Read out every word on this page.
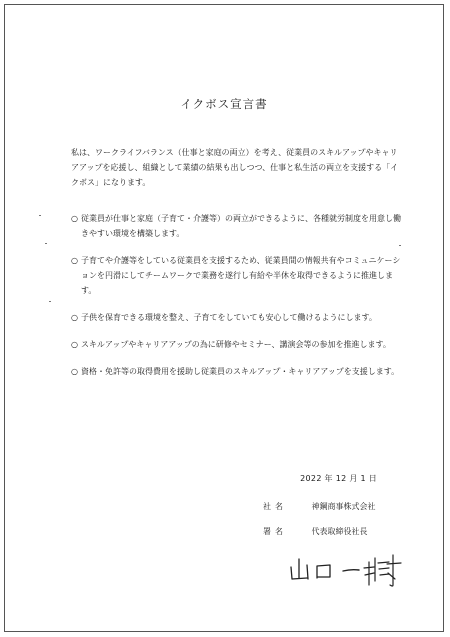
イクボス宣言書
私は、ワークライフバランス（仕事と家庭の両立）を考え、従業員のスキルアップやキャリアアップを応援し、組織として業績の結果も出しつつ、仕事と私生活の両立を支援する「イクボス」になります。
○ 従業員が仕事と家庭（子育て・介護等）の両立ができるように、各種就労制度を用意し働きやすい環境を構築します。
○ 子育てや介護等をしている従業員を支援するため、従業員間の情報共有やコミュニケーションを円滑にしてチームワークで業務を遂行し有給や半休を取得できるように推進します。
○ 子供を保育できる環境を整え、子育てをしていても安心して働けるようにします。
○ スキルアップやキャリアアップの為に研修やセミナー、講演会等の参加を推進します。
○ 資格・免許等の取得費用を援助し従業員のスキルアップ・キャリアアップを支援します。
2022 年 12 月 1 日
社名	神鋼商事株式会社
署名	代表取締役社長
